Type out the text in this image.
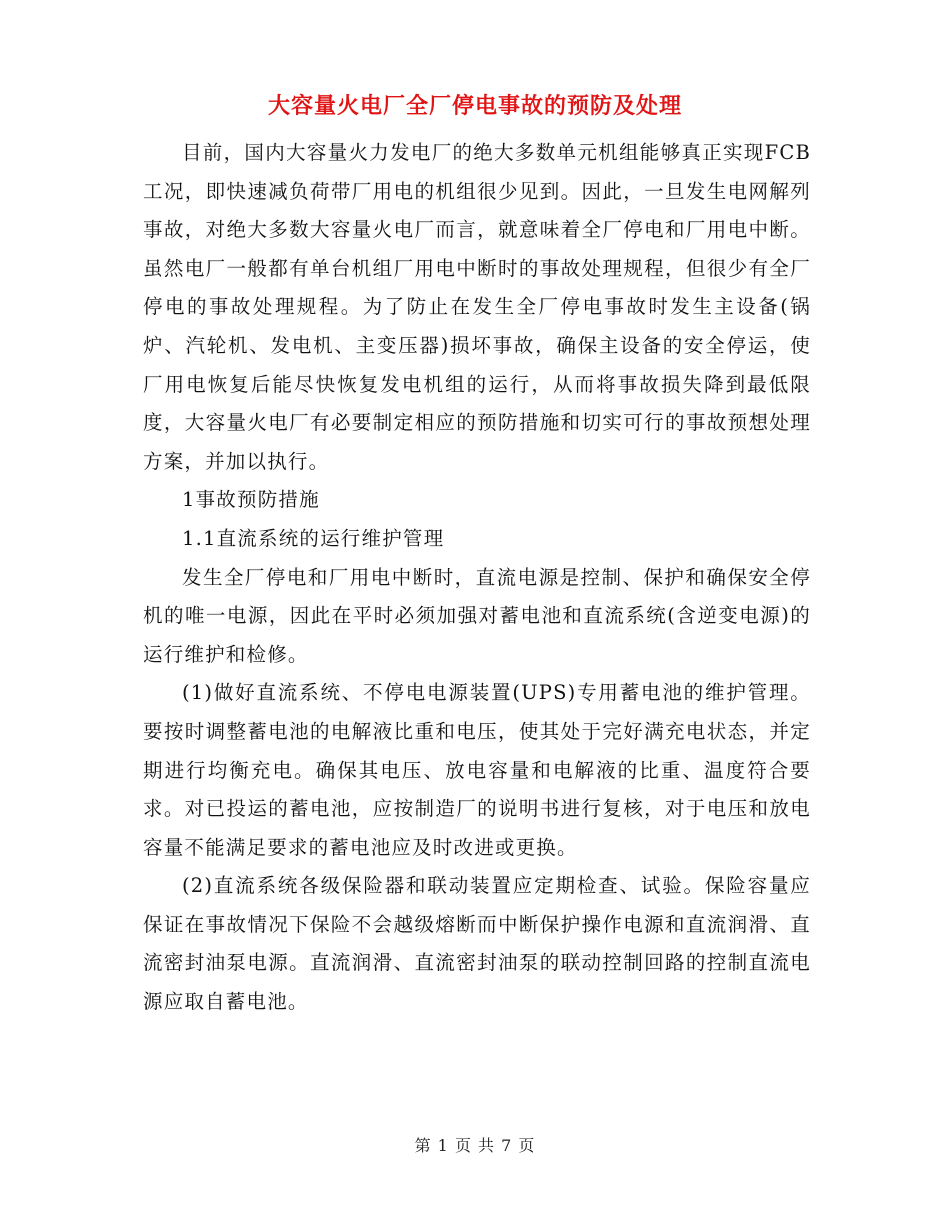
大容量火电厂全厂停电事故的预防及处理

目前，国内大容量火力发电厂的绝大多数单元机组能够真正实现FCB工况，即快速减负荷带厂用电的机组很少见到。因此，一旦发生电网解列事故，对绝大多数大容量火电厂而言，就意味着全厂停电和厂用电中断。虽然电厂一般都有单台机组厂用电中断时的事故处理规程，但很少有全厂停电的事故处理规程。为了防止在发生全厂停电事故时发生主设备(锅炉、汽轮机、发电机、主变压器)损坏事故，确保主设备的安全停运，使厂用电恢复后能尽快恢复发电机组的运行，从而将事故损失降到最低限度，大容量火电厂有必要制定相应的预防措施和切实可行的事故预想处理方案，并加以执行。

1事故预防措施

1.1直流系统的运行维护管理

发生全厂停电和厂用电中断时，直流电源是控制、保护和确保安全停机的唯一电源，因此在平时必须加强对蓄电池和直流系统(含逆变电源)的运行维护和检修。

(1)做好直流系统、不停电电源装置(UPS)专用蓄电池的维护管理。要按时调整蓄电池的电解液比重和电压，使其处于完好满充电状态，并定期进行均衡充电。确保其电压、放电容量和电解液的比重、温度符合要求。对已投运的蓄电池，应按制造厂的说明书进行复核，对于电压和放电容量不能满足要求的蓄电池应及时改进或更换。

(2)直流系统各级保险器和联动装置应定期检查、试验。保险容量应保证在事故情况下保险不会越级熔断而中断保护操作电源和直流润滑、直流密封油泵电源。直流润滑、直流密封油泵的联动控制回路的控制直流电源应取自蓄电池。

第 1 页 共 7 页
